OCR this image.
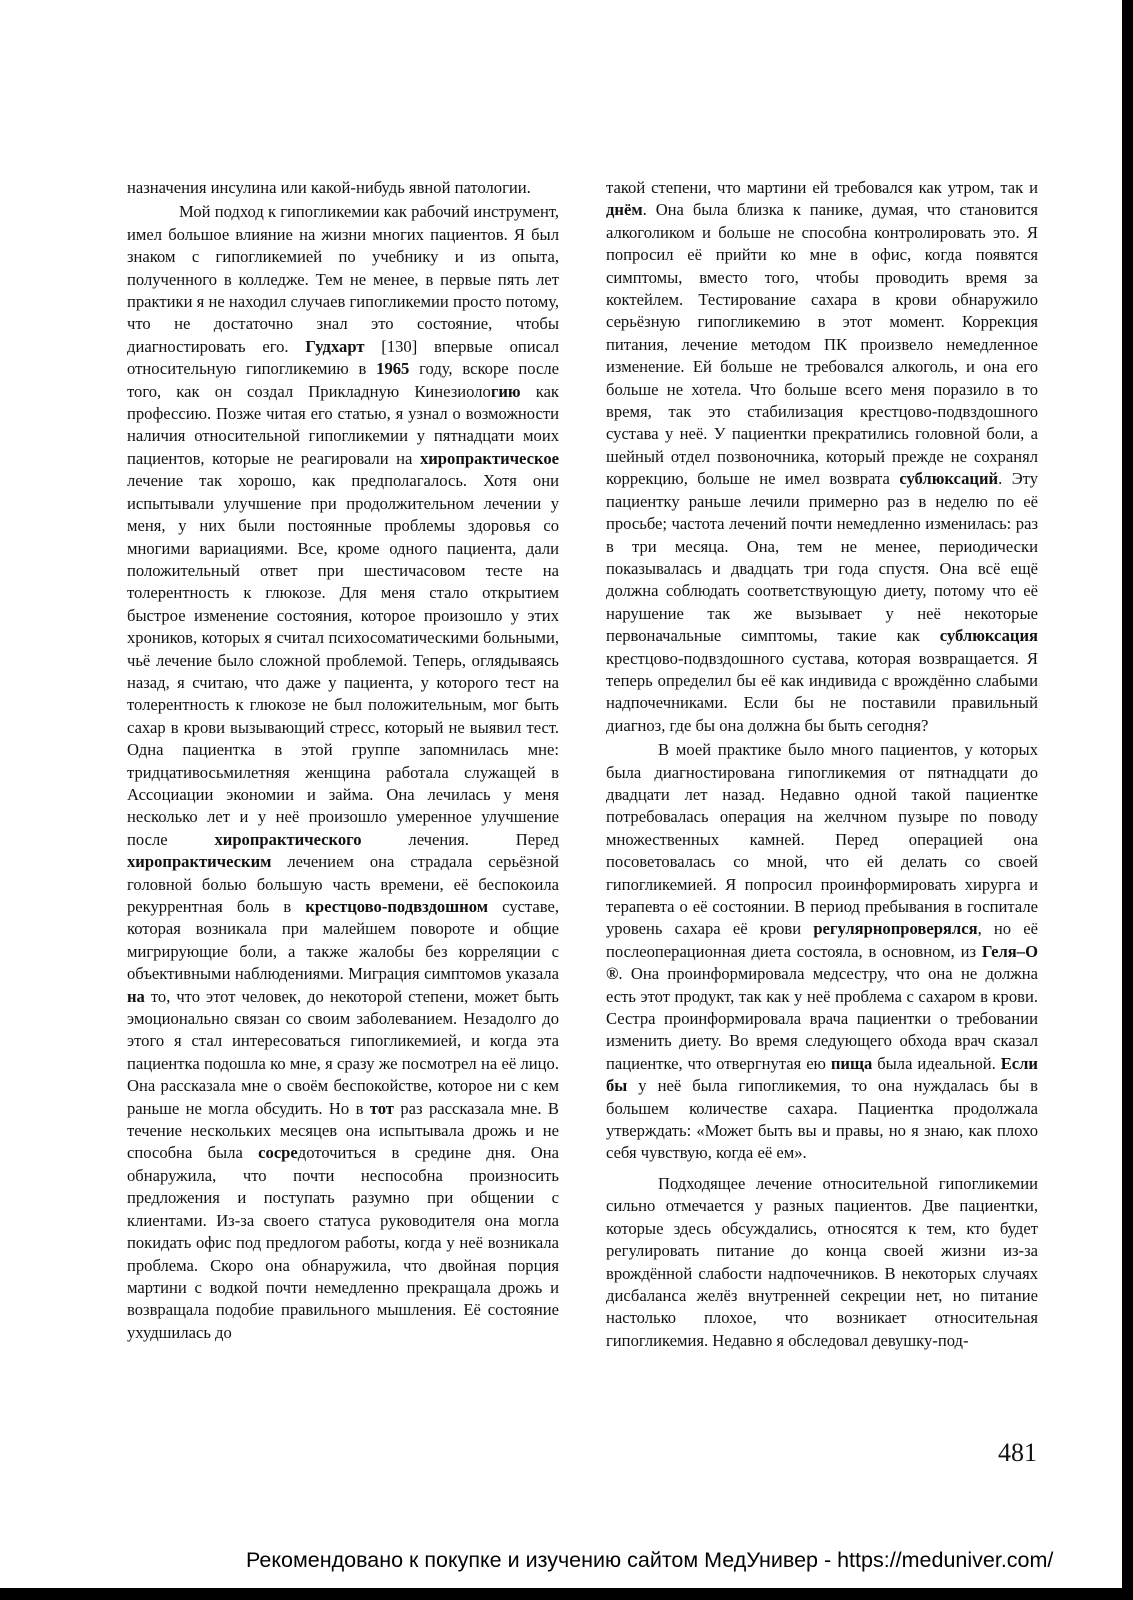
назначения инсулина или какой-нибудь явной патологии.

Мой подход к гипогликемии как рабочий инструмент, имел большое влияние на жизни многих пациентов. Я был знаком с гипогликемией по учебнику и из опыта, полученного в колледже. Тем не менее, в первые пять лет практики я не находил случаев гипогликемии просто потому, что не достаточно знал это состояние, чтобы диагностировать его. Гудхарт [130] впервые описал относительную гипогликемию в 1965 году, вскоре после того, как он создал Прикладную Кинезиологию как профессию. Позже читая его статью, я узнал о возможности наличия относительной гипогликемии у пятнадцати моих пациентов, которые не реагировали на хиропрактическое лечение так хорошо, как предполагалось. Хотя они испытывали улучшение при продолжительном лечении у меня, у них были постоянные проблемы здоровья со многими вариациями. Все, кроме одного пациента, дали положительный ответ при шестичасовом тесте на толерентность к глюкозе. Для меня стало открытием быстрое изменение состояния, которое произошло у этих хроников, которых я считал психосоматическими больными, чьё лечение было сложной проблемой. Теперь, оглядываясь назад, я считаю, что даже у пациента, у которого тест на толерентность к глюкозе не был положительным, мог быть сахар в крови вызывающий стресс, который не выявил тест. Одна пациентка в этой группе запомнилась мне: тридцативосьмилетняя женщина работала служащей в Ассоциации экономии и займа. Она лечилась у меня несколько лет и у неё произошло умеренное улучшение после хиропрактического лечения. Перед хиропрактическим лечением она страдала серьёзной головной болью большую часть времени, её беспокоила рекуррентная боль в крестцово-подвздошном суставе, которая возникала при малейшем повороте и общие мигрирующие боли, а также жалобы без корреляции с объективными наблюдениями. Миграция симптомов указала на то, что этот человек, до некоторой степени, может быть эмоционально связан со своим заболеванием. Незадолго до этого я стал интересоваться гипогликемией, и когда эта пациентка подошла ко мне, я сразу же посмотрел на её лицо. Она рассказала мне о своём беспокойстве, которое ни с кем раньше не могла обсудить. Но в тот раз рассказала мне. В течение нескольких месяцев она испытывала дрожь и не способна была сосредоточиться в средине дня. Она обнаружила, что почти неспособна произносить предложения и поступать разумно при общении с клиентами. Из-за своего статуса руководителя она могла покидать офис под предлогом работы, когда у неё возникала проблема. Скоро она обнаружила, что двойная порция мартини с водкой почти немедленно прекращала дрожь и возвращала подобие правильного мышления. Её состояние ухудшилась до

такой степени, что мартини ей требовался как утром, так и днём. Она была близка к панике, думая, что становится алкоголиком и больше не способна контролировать это. Я попросил её прийти ко мне в офис, когда появятся симптомы, вместо того, чтобы проводить время за коктейлем. Тестирование сахара в крови обнаружило серьёзную гипогликемию в этот момент. Коррекция питания, лечение методом ПК произвело немедленное изменение. Ей больше не требовался алкоголь, и она его больше не хотела. Что больше всего меня поразило в то время, так это стабилизация крестцово-подвздошного сустава у неё. У пациентки прекратились головной боли, а шейный отдел позвоночника, который прежде не сохранял коррекцию, больше не имел возврата сублюксаций. Эту пациентку раньше лечили примерно раз в неделю по её просьбе; частота лечений почти немедленно изменилась: раз в три месяца. Она, тем не менее, периодически показывалась и двадцать три года спустя. Она всё ещё должна соблюдать соответствующую диету, потому что её нарушение так же вызывает у неё некоторые первоначальные симптомы, такие как сублюксация крестцово-подвздошного сустава, которая возвращается. Я теперь определил бы её как индивида с врождённо слабыми надпочечниками. Если бы не поставили правильный диагноз, где бы она должна бы быть сегодня?

В моей практике было много пациентов, у которых была диагностирована гипогликемия от пятнадцати до двадцати лет назад. Недавно одной такой пациентке потребовалась операция на желчном пузыре по поводу множественных камней. Перед операцией она посоветовалась со мной, что ей делать со своей гипогликемией. Я попросил проинформировать хирурга и терапевта о её состоянии. В период пребывания в госпитале уровень сахара её крови регулярнопроверялся, но её послеоперационная диета состояла, в основном, из Геля–О ®. Она проинформировала медсестру, что она не должна есть этот продукт, так как у неё проблема с сахаром в крови. Сестра проинформировала врача пациентки о требовании изменить диету. Во время следующего обхода врач сказал пациентке, что отвергнутая ею пища была идеальной. Если бы у неё была гипогликемия, то она нуждалась бы в большем количестве сахара. Пациентка продолжала утверждать: «Может быть вы и правы, но я знаю, как плохо себя чувствую, когда её ем».

Подходящее лечение относительной гипогликемии сильно отмечается у разных пациентов. Две пациентки, которые здесь обсуждались, относятся к тем, кто будет регулировать питание до конца своей жизни из-за врождённой слабости надпочечников. В некоторых случаях дисбаланса желёз внутренней секреции нет, но питание настолько плохое, что возникает относительная гипогликемия. Недавно я обследовал девушку-под-

481
Рекомендовано к покупке и изучению сайтом МедУнивер - https://meduniver.com/
